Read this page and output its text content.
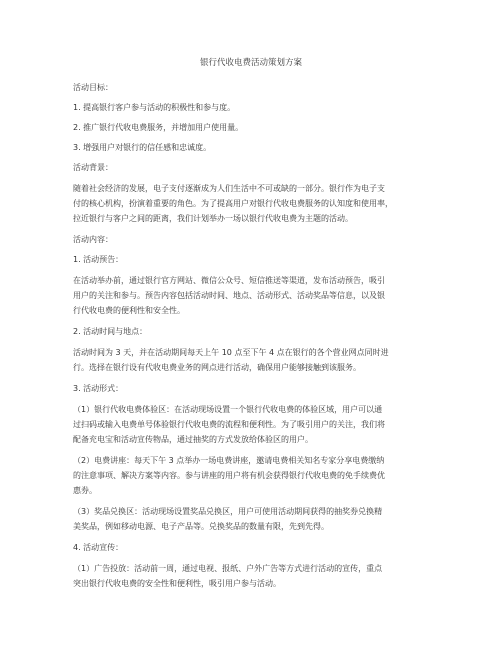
银行代收电费活动策划方案
活动目标：
1. 提高银行客户参与活动的积极性和参与度。
2. 推广银行代收电费服务，并增加用户使用量。
3. 增强用户对银行的信任感和忠诚度。
活动背景：
随着社会经济的发展，电子支付逐渐成为人们生活中不可或缺的一部分。银行作为电子支
付的核心机构，扮演着重要的角色。为了提高用户对银行代收电费服务的认知度和使用率，
拉近银行与客户之间的距离，我们计划举办一场以银行代收电费为主题的活动。
活动内容：
1. 活动预告：
在活动举办前，通过银行官方网站、微信公众号、短信推送等渠道，发布活动预告，吸引
用户的关注和参与。预告内容包括活动时间、地点、活动形式、活动奖品等信息，以及银
行代收电费的便利性和安全性。
2. 活动时间与地点：
活动时间为 3 天，并在活动期间每天上午 10 点至下午 4 点在银行的各个营业网点同时进
行。选择在银行设有代收电费业务的网点进行活动，确保用户能够接触到该服务。
3. 活动形式：
（1）银行代收电费体验区：在活动现场设置一个银行代收电费的体验区域，用户可以通
过扫码或输入电费单号体验银行代收电费的流程和便利性。为了吸引用户的关注，我们将
配备充电宝和活动宣传物品，通过抽奖的方式发放给体验区的用户。
（2）电费讲座：每天下午 3 点举办一场电费讲座，邀请电费相关知名专家分享电费缴纳
的注意事项、解决方案等内容。参与讲座的用户将有机会获得银行代收电费的免手续费优
惠券。
（3）奖品兑换区：活动现场设置奖品兑换区，用户可使用活动期间获得的抽奖券兑换精
美奖品，例如移动电源、电子产品等。兑换奖品的数量有限，先到先得。
4. 活动宣传：
（1）广告投放：活动前一周，通过电视、报纸、户外广告等方式进行活动的宣传，重点
突出银行代收电费的安全性和便利性，吸引用户参与活动。
